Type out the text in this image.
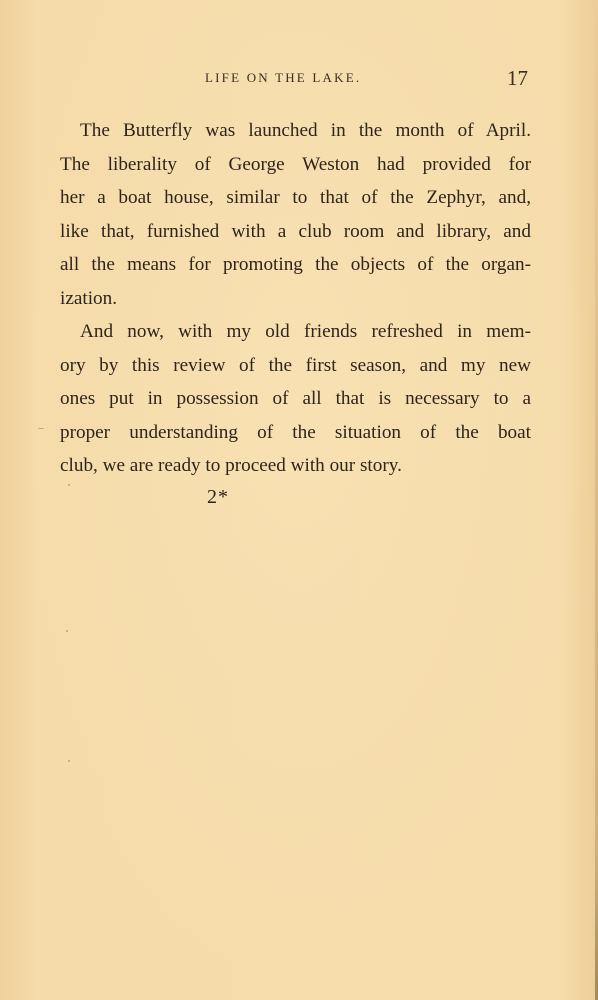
LIFE ON THE LAKE.	17
The Butterfly was launched in the month of April.
The liberality of George Weston had provided for
her a boat house, similar to that of the Zephyr, and,
like that, furnished with a club room and library, and
all the means for promoting the objects of the organ-
ization.
And now, with my old friends refreshed in mem-
ory by this review of the first season, and my new
ones put in possession of all that is necessary to a
proper understanding of the situation of the boat
club, we are ready to proceed with our story.
2*
